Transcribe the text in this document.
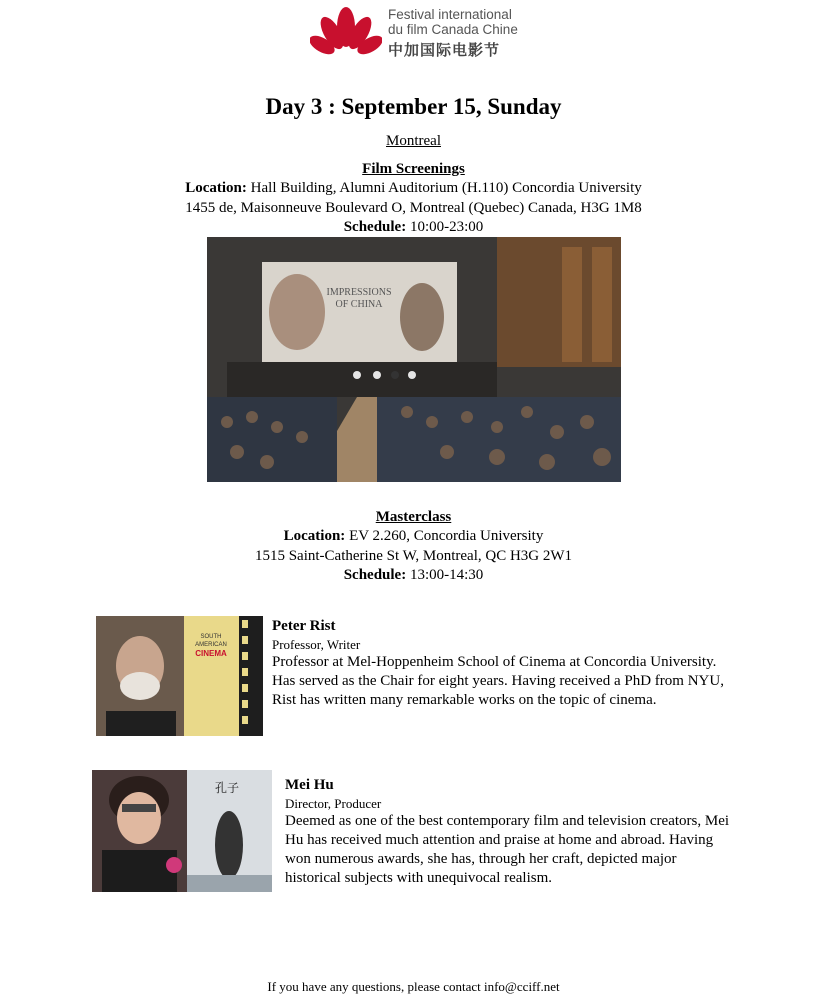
Festival international
du film Canada Chine
中加国际电影节
Day 3 : September 15, Sunday
Montreal
Film Screenings
Location: Hall Building, Alumni Auditorium (H.110) Concordia University
1455 de, Maisonneuve Boulevard O, Montreal (Quebec) Canada, H3G 1M8
Schedule: 10:00-23:00
IMPRESSIONS
OF CHINA
Masterclass
Location: EV 2.260, Concordia University
1515 Saint-Catherine St W, Montreal, QC H3G 2W1
Schedule: 13:00-14:30
SOUTH
AMERICAN
CINEMA
Peter Rist
Professor, Writer
Professor at Mel-Hoppenheim School of Cinema at Concordia University. Has served as the Chair for eight years. Having received a PhD from NYU, Rist has written many remarkable works on the topic of cinema.
孔子	Mei Hu
Director, Producer
Deemed as one of the best contemporary film and television creators, Mei Hu has received much attention and praise at home and abroad. Having won numerous awards, she has, through her craft, depicted major historical subjects with unequivocal realism.
If you have any questions, please contact info@cciff.net
